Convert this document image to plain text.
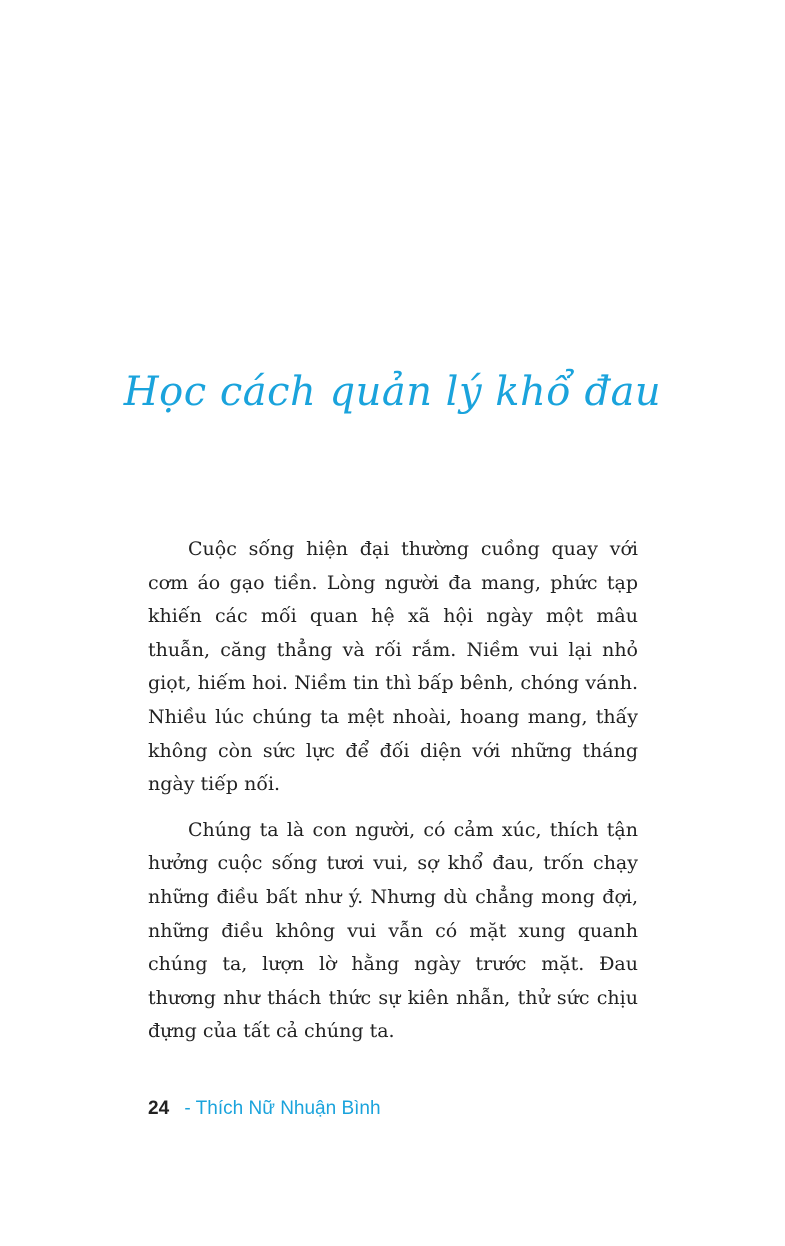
Học cách quản lý khổ đau

Cuộc sống hiện đại thường cuồng quay với cơm áo gạo tiền. Lòng người đa mang, phức tạp khiến các mối quan hệ xã hội ngày một mâu thuẫn, căng thẳng và rối rắm. Niềm vui lại nhỏ giọt, hiếm hoi. Niềm tin thì bấp bênh, chóng vánh. Nhiều lúc chúng ta mệt nhoài, hoang mang, thấy không còn sức lực để đối diện với những tháng ngày tiếp nối.

Chúng ta là con người, có cảm xúc, thích tận hưởng cuộc sống tươi vui, sợ khổ đau, trốn chạy những điều bất như ý. Nhưng dù chẳng mong đợi, những điều không vui vẫn có mặt xung quanh chúng ta, lượn lờ hằng ngày trước mặt. Đau thương như thách thức sự kiên nhẫn, thử sức chịu đựng của tất cả chúng ta.

24 - Thích Nữ Nhuận Bình
